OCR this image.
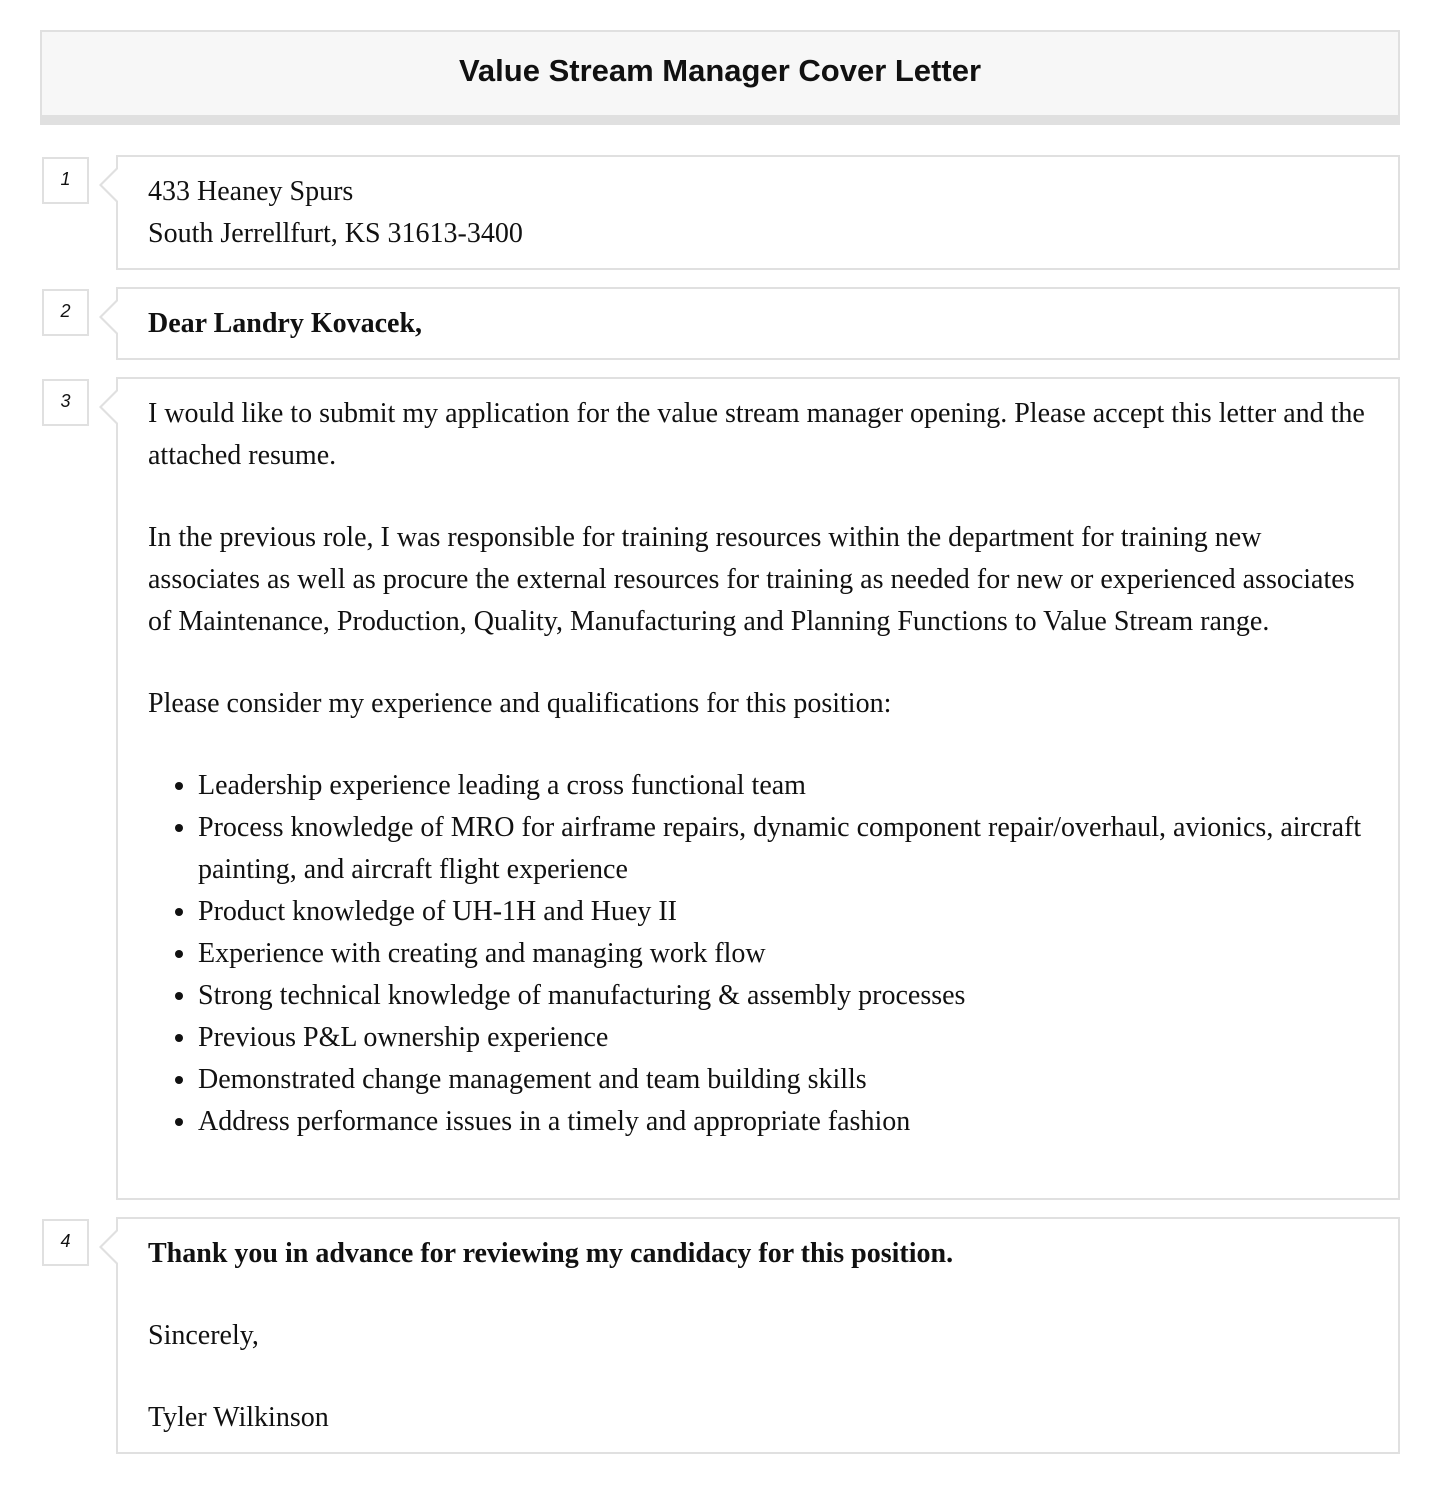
Value Stream Manager Cover Letter
1	433 Heaney Spurs

South Jerrellfurt, KS 31613-3400

2	Dear Landry Kovacek,

3	I would like to submit my application for the value stream manager opening. Please accept this letter and the attached resume.

In the previous role, I was responsible for training resources within the department for training new associates as well as procure the external resources for training as needed for new or experienced associates of Maintenance, Production, Quality, Manufacturing and Planning Functions to Value Stream range.

Please consider my experience and qualifications for this position:

• Leadership experience leading a cross functional team
• Process knowledge of MRO for airframe repairs, dynamic component repair/overhaul, avionics, aircraft painting, and aircraft flight experience
• Product knowledge of UH-1H and Huey II
• Experience with creating and managing work flow
• Strong technical knowledge of manufacturing & assembly processes
• Previous P&L ownership experience
• Demonstrated change management and team building skills
• Address performance issues in a timely and appropriate fashion
4	Thank you in advance for reviewing my candidacy for this position.

Sincerely,

Tyler Wilkinson
